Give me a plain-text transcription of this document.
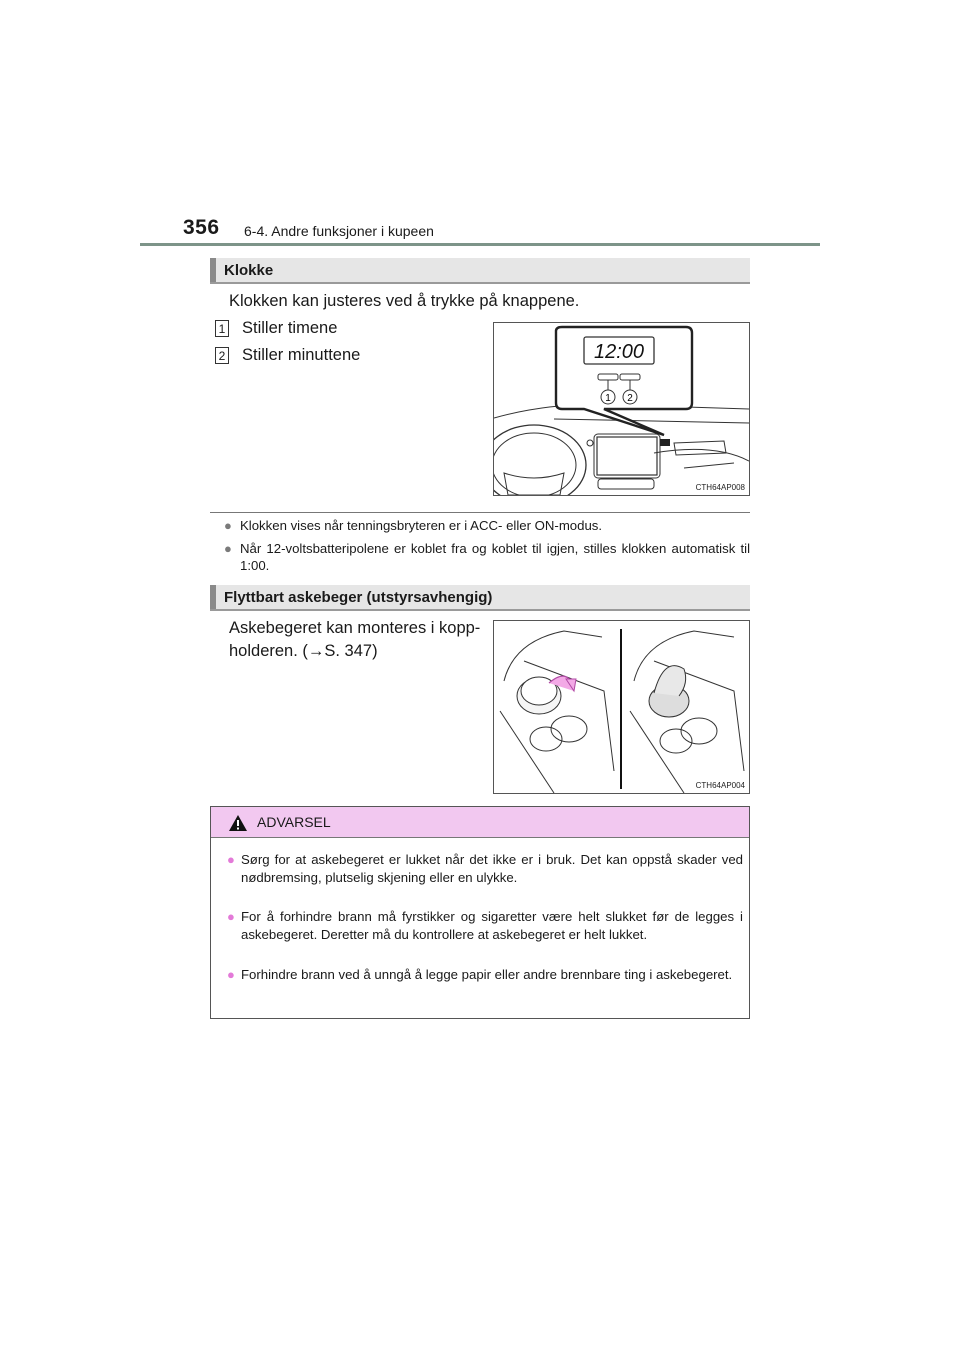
356 6-4. Andre funksjoner i kupeen
Klokke
Klokken kan justeres ved å trykke på knappene.
1 Stiller timene
2 Stiller minuttene	12:00
1 2
CTH64AP008
● Klokken vises når tenningsbryteren er i ACC- eller ON-modus.
● Når 12-voltsbatteripolene er koblet fra og koblet til igjen, stilles klokken automatisk til 1:00.
Flyttbart askebeger (utstyrsavhengig)
Askebegeret kan monteres i kopp-
holderen. (→S. 347)
CTH64AP004
ADVARSEL
● Sørg for at askebegeret er lukket når det ikke er i bruk. Det kan oppstå skader ved nødbremsing, plutselig skjening eller en ulykke.
● For å forhindre brann må fyrstikker og sigaretter være helt slukket før de legges i askebegeret. Deretter må du kontrollere at askebegeret er helt lukket.
● Forhindre brann ved å unngå å legge papir eller andre brennbare ting i askebegeret.
